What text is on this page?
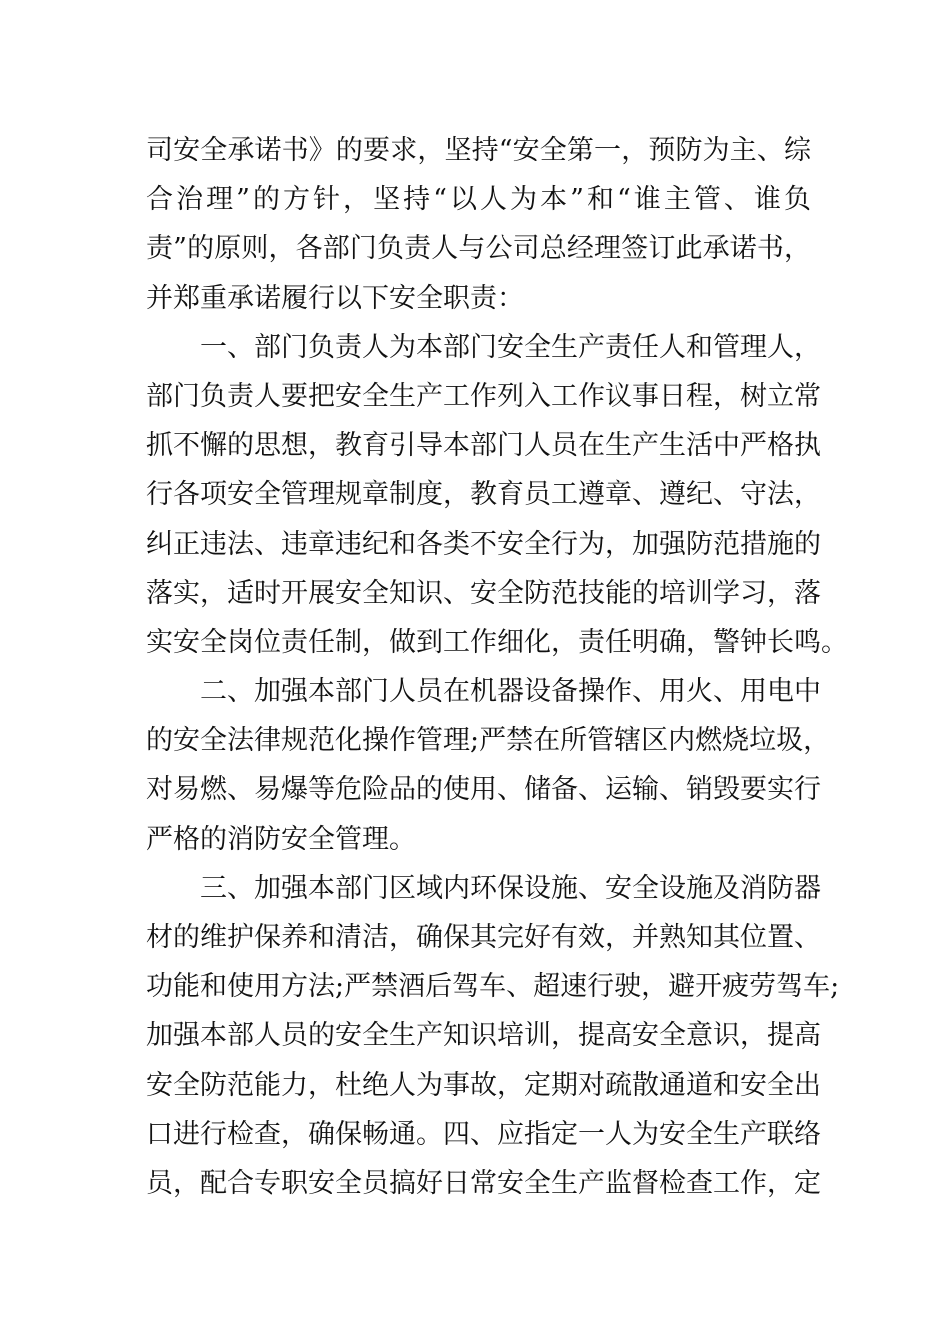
司安全承诺书》的要求，坚持“安全第一，预防为主、综
合治理”的方针，坚持“以人为本”和“谁主管、谁负
责”的原则，各部门负责人与公司总经理签订此承诺书，
并郑重承诺履行以下安全职责：
一、部门负责人为本部门安全生产责任人和管理人，
部门负责人要把安全生产工作列入工作议事日程，树立常
抓不懈的思想，教育引导本部门人员在生产生活中严格执
行各项安全管理规章制度，教育员工遵章、遵纪、守法，
纠正违法、违章违纪和各类不安全行为，加强防范措施的
落实，适时开展安全知识、安全防范技能的培训学习，落
实安全岗位责任制，做到工作细化，责任明确，警钟长鸣。
二、加强本部门人员在机器设备操作、用火、用电中
的安全法律规范化操作管理;严禁在所管辖区内燃烧垃圾，
对易燃、易爆等危险品的使用、储备、运输、销毁要实行
严格的消防安全管理。
三、加强本部门区域内环保设施、安全设施及消防器
材的维护保养和清洁，确保其完好有效，并熟知其位置、
功能和使用方法;严禁酒后驾车、超速行驶，避开疲劳驾车;
加强本部人员的安全生产知识培训，提高安全意识，提高
安全防范能力，杜绝人为事故，定期对疏散通道和安全出
口进行检查，确保畅通。四、应指定一人为安全生产联络
员，配合专职安全员搞好日常安全生产监督检查工作，定
